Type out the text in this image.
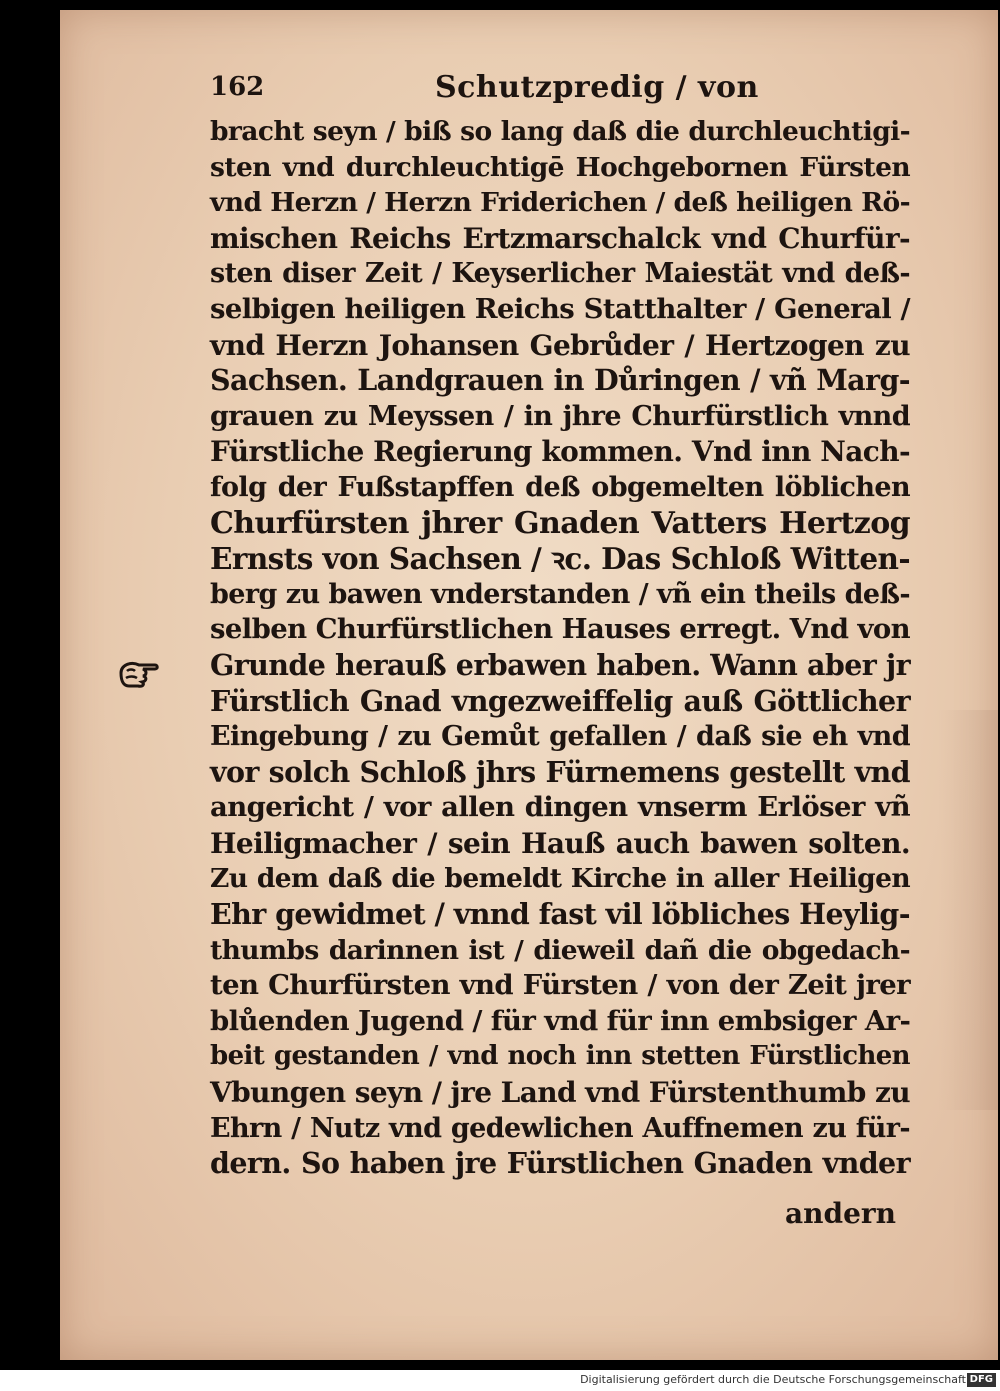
162	Schutzpredig / von
bracht seyn / biß so lang daß die durchleuchtigi-
sten vnd durchleuchtigē Hochgebornen Fürsten
vnd Herzn / Herzn Friderichen / deß heiligen Rö-
mischen Reichs Ertzmarschalck vnd Churfür-
sten diser Zeit / Keyserlicher Maiestät vnd deß-
selbigen heiligen Reichs Statthalter / General /
vnd Herzn Johansen Gebrůder / Hertzogen zu
Sachsen. Landgrauen in Důringen / vñ Marg-
grauen zu Meyssen / in jhre Churfürstlich vnnd
Fürstliche Regierung kommen. Vnd inn Nach-
folg der Fußstapffen deß obgemelten löblichen
Churfürsten jhrer Gnaden Vatters Hertzog
Ernsts von Sachsen / ꝛc. Das Schloß Witten-
berg zu bawen vnderstanden / vñ ein theils deß-
selben Churfürstlichen Hauses erregt. Vnd von
Grunde herauß erbawen haben. Wann aber jr
Fürstlich Gnad vngezweiffelig auß Göttlicher
Eingebung / zu Gemůt gefallen / daß sie eh vnd
vor solch Schloß jhrs Fürnemens gestellt vnd
angericht / vor allen dingen vnserm Erlöser vñ
Heiligmacher / sein Hauß auch bawen solten.
Zu dem daß die bemeldt Kirche in aller Heiligen
Ehr gewidmet / vnnd fast vil löbliches Heylig-
thumbs darinnen ist / dieweil dañ die obgedach-
ten Churfürsten vnd Fürsten / von der Zeit jrer
blůenden Jugend / für vnd für inn embsiger Ar-
beit gestanden / vnd noch inn stetten Fürstlichen
Vbungen seyn / jre Land vnd Fürstenthumb zu
Ehrn / Nutz vnd gedewlichen Auffnemen zu für-
dern. So haben jre Fürstlichen Gnaden vnder
andern
Digitalisierung gefördert durch die Deutsche Forschungsgemeinschaft DFG
